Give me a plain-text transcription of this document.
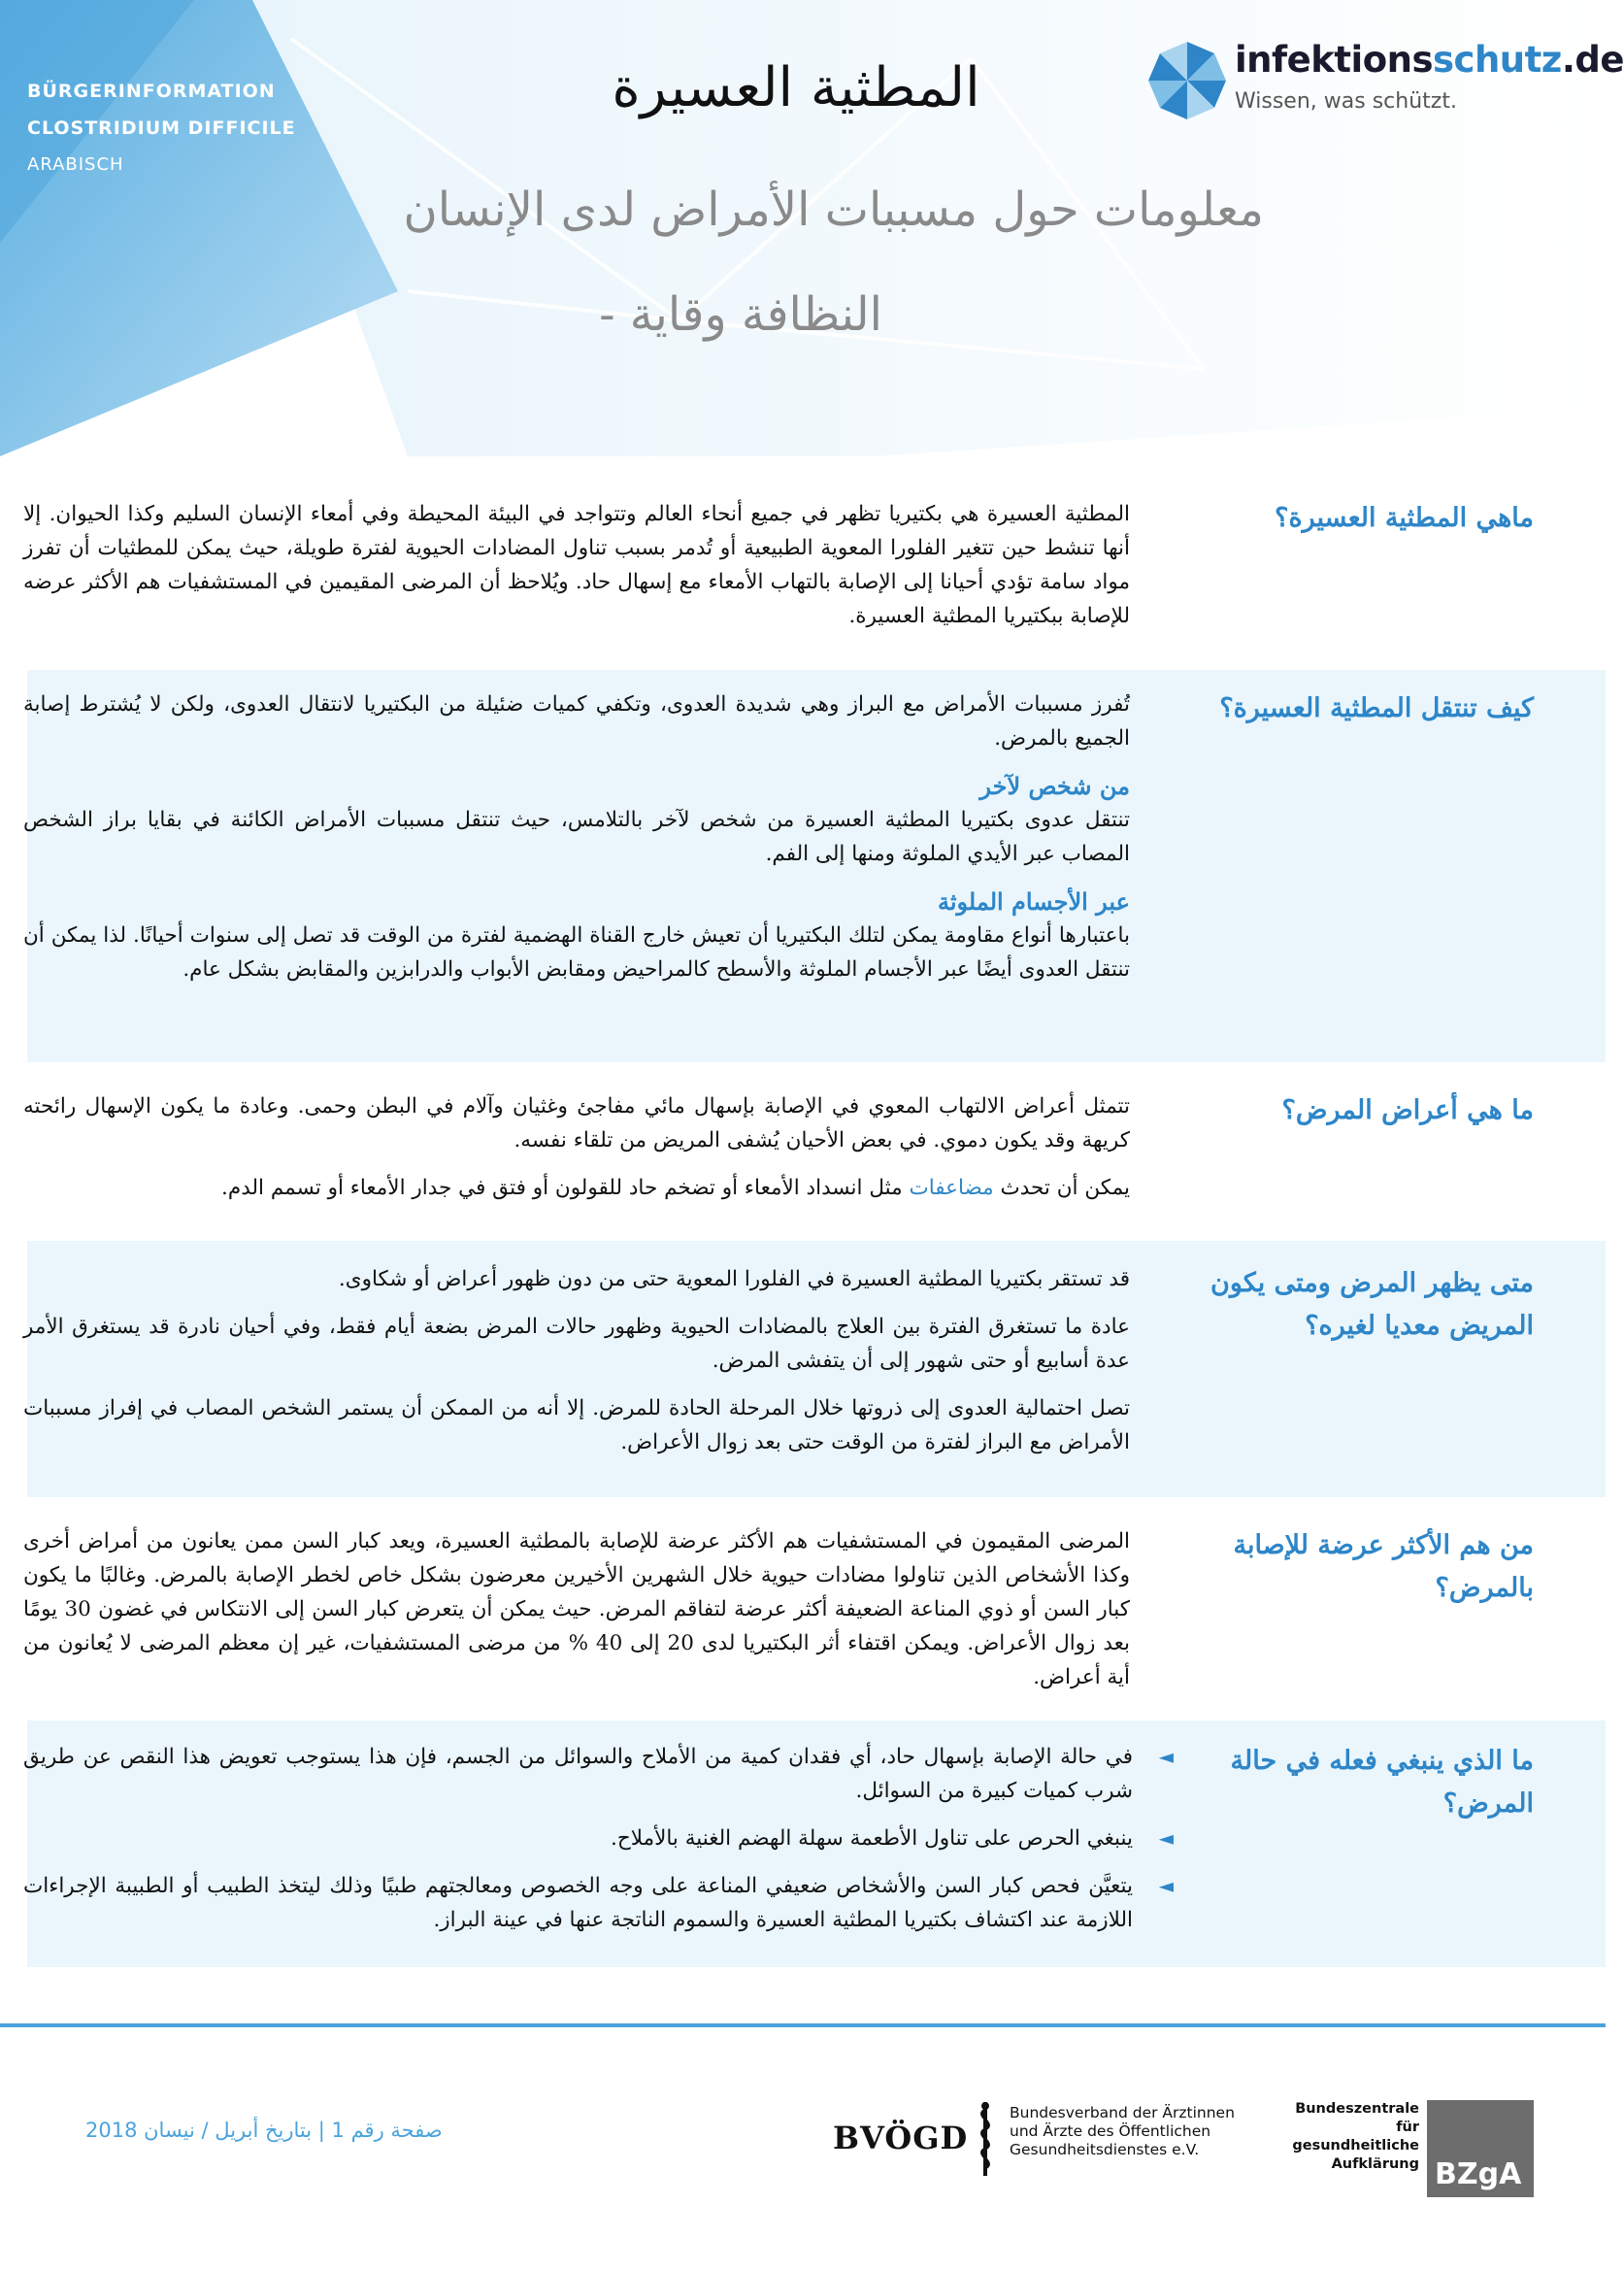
BÜRGERINFORMATION
CLOSTRIDIUM DIFFICILE
ARABISCH
المطثية العسيرة
معلومات حول مسببات الأمراض لدى الإنسان
النظافة وقاية -
infektionsschutz.de
Wissen, was schützt.
ماهي المطثية العسيرة؟

المطثية العسيرة هي بكتيريا تظهر في جميع أنحاء العالم وتتواجد في البيئة المحيطة وفي أمعاء الإنسان السليم وكذا الحيوان. إلا أنها تنشط حين تتغير الفلورا المعوية الطبيعية أو تُدمر بسبب تناول المضادات الحيوية لفترة طويلة، حيث يمكن للمطثيات أن تفرز مواد سامة تؤدي أحيانا إلى الإصابة بالتهاب الأمعاء مع إسهال حاد. ويُلاحظ أن المرضى المقيمين في المستشفيات هم الأكثر عرضه للإصابة ببكتيريا المطثية العسيرة.

كيف تنتقل المطثية العسيرة؟

تُفرز مسببات الأمراض مع البراز وهي شديدة العدوى، وتكفي كميات ضئيلة من البكتيريا لانتقال العدوى، ولكن لا يُشترط إصابة الجميع بالمرض.

من شخص لآخر

تنتقل عدوى بكتيريا المطثية العسيرة من شخص لآخر بالتلامس، حيث تنتقل مسببات الأمراض الكائنة في بقايا براز الشخص المصاب عبر الأيدي الملوثة ومنها إلى الفم.

عبر الأجسام الملوثة

باعتبارها أنواع مقاومة يمكن لتلك البكتيريا أن تعيش خارج القناة الهضمية لفترة من الوقت قد تصل إلى سنوات أحيانًا. لذا يمكن أن تنتقل العدوى أيضًا عبر الأجسام الملوثة والأسطح كالمراحيض ومقابض الأبواب والدرابزين والمقابض بشكل عام.

ما هي أعراض المرض؟

تتمثل أعراض الالتهاب المعوي في الإصابة بإسهال مائي مفاجئ وغثيان وآلام في البطن وحمى. وعادة ما يكون الإسهال رائحته كريهة وقد يكون دموي. في بعض الأحيان يُشفى المريض من تلقاء نفسه.

يمكن أن تحدث مضاعفات مثل انسداد الأمعاء أو تضخم حاد للقولون أو فتق في جدار الأمعاء أو تسمم الدم.

متى يظهر المرض ومتى يكون المريض معديا لغيره؟

قد تستقر بكتيريا المطثية العسيرة في الفلورا المعوية حتى من دون ظهور أعراض أو شكاوى.

عادة ما تستغرق الفترة بين العلاج بالمضادات الحيوية وظهور حالات المرض بضعة أيام فقط، وفي أحيان نادرة قد يستغرق الأمر عدة أسابيع أو حتى شهور إلى أن يتفشى المرض.

تصل احتمالية العدوى إلى ذروتها خلال المرحلة الحادة للمرض. إلا أنه من الممكن أن يستمر الشخص المصاب في إفراز مسببات الأمراض مع البراز لفترة من الوقت حتى بعد زوال الأعراض.

من هم الأكثر عرضة للإصابة بالمرض؟

المرضى المقيمون في المستشفيات هم الأكثر عرضة للإصابة بالمطثية العسيرة، ويعد كبار السن ممن يعانون من أمراض أخرى وكذا الأشخاص الذين تناولوا مضادات حيوية خلال الشهرين الأخيرين معرضون بشكل خاص لخطر الإصابة بالمرض. وغالبًا ما يكون كبار السن أو ذوي المناعة الضعيفة أكثر عرضة لتفاقم المرض. حيث يمكن أن يتعرض كبار السن إلى الانتكاس في غضون 30 يومًا بعد زوال الأعراض. ويمكن اقتفاء أثر البكتيريا لدى 20 إلى 40 % من مرضى المستشفيات، غير إن معظم المرضى لا يُعانون من أية أعراض.

ما الذي ينبغي فعله في حالة المرض؟
◄ في حالة الإصابة بإسهال حاد، أي فقدان كمية من الأملاح والسوائل من الجسم، فإن هذا يستوجب تعويض هذا النقص عن طريق شرب كميات كبيرة من السوائل.
◄ ينبغي الحرص على تناول الأطعمة سهلة الهضم الغنية بالأملاح.
◄ يتعيَّن فحص كبار السن والأشخاص ضعيفي المناعة على وجه الخصوص ومعالجتهم طبيًا وذلك ليتخذ الطبيب أو الطبيبة الإجراءات اللازمة عند اكتشاف بكتيريا المطثية العسيرة والسموم الناتجة عنها في عينة البراز.
صفحة رقم 1 | بتاريخ أبريل / نيسان 2018	BVÖGD
Bundesverband der Ärztinnen
und Ärzte des Öffentlichen
Gesundheitsdienstes e.V.
Bundeszentrale
für
gesundheitliche
Aufklärung BZgA
